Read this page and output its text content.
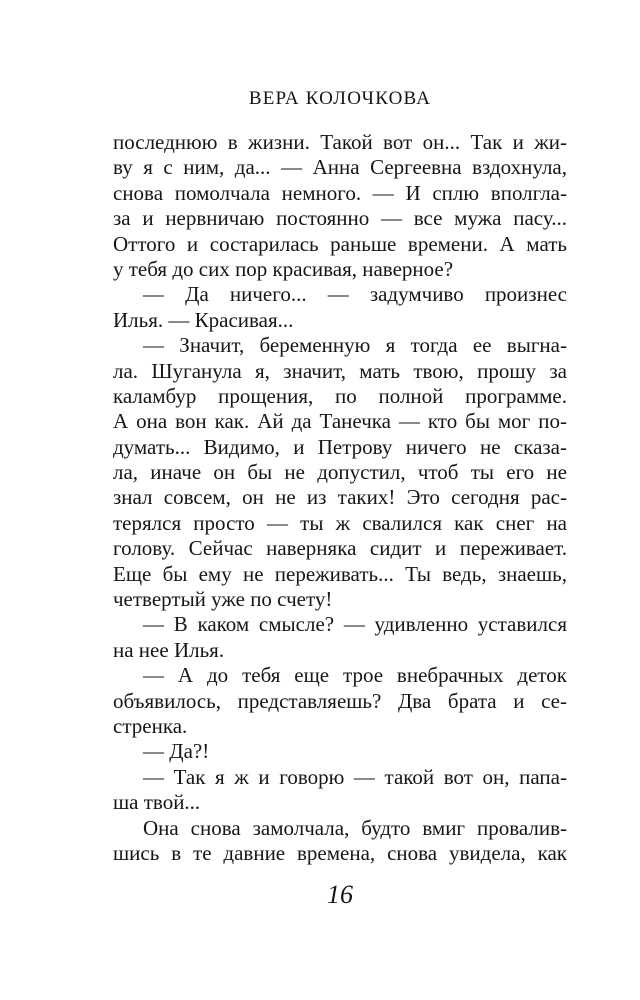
ВЕРА КОЛОЧКОВА
последнюю в жизни. Такой вот он... Так и жи-
ву я с ним, да... — Анна Сергеевна вздохнула,
снова помолчала немного. — И сплю вполгла-
за и нервничаю постоянно — все мужа пасу...
Оттого и состарилась раньше времени. А мать
у тебя до сих пор красивая, наверное?
— Да ничего... — задумчиво произнес
Илья. — Красивая...
— Значит, беременную я тогда ее выгна-
ла. Шуганула я, значит, мать твою, прошу за
каламбур прощения, по полной программе.
А она вон как. Ай да Танечка — кто бы мог по-
думать... Видимо, и Петрову ничего не сказа-
ла, иначе он бы не допустил, чтоб ты его не
знал совсем, он не из таких! Это сегодня рас-
терялся просто — ты ж свалился как снег на
голову. Сейчас наверняка сидит и переживает.
Еще бы ему не переживать... Ты ведь, знаешь,
четвертый уже по счету!
— В каком смысле? — удивленно уставился
на нее Илья.
— А до тебя еще трое внебрачных деток
объявилось, представляешь? Два брата и се-
стренка.
— Да?!
— Так я ж и говорю — такой вот он, папа-
ша твой...
Она снова замолчала, будто вмиг провалив-
шись в те давние времена, снова увидела, как
16
